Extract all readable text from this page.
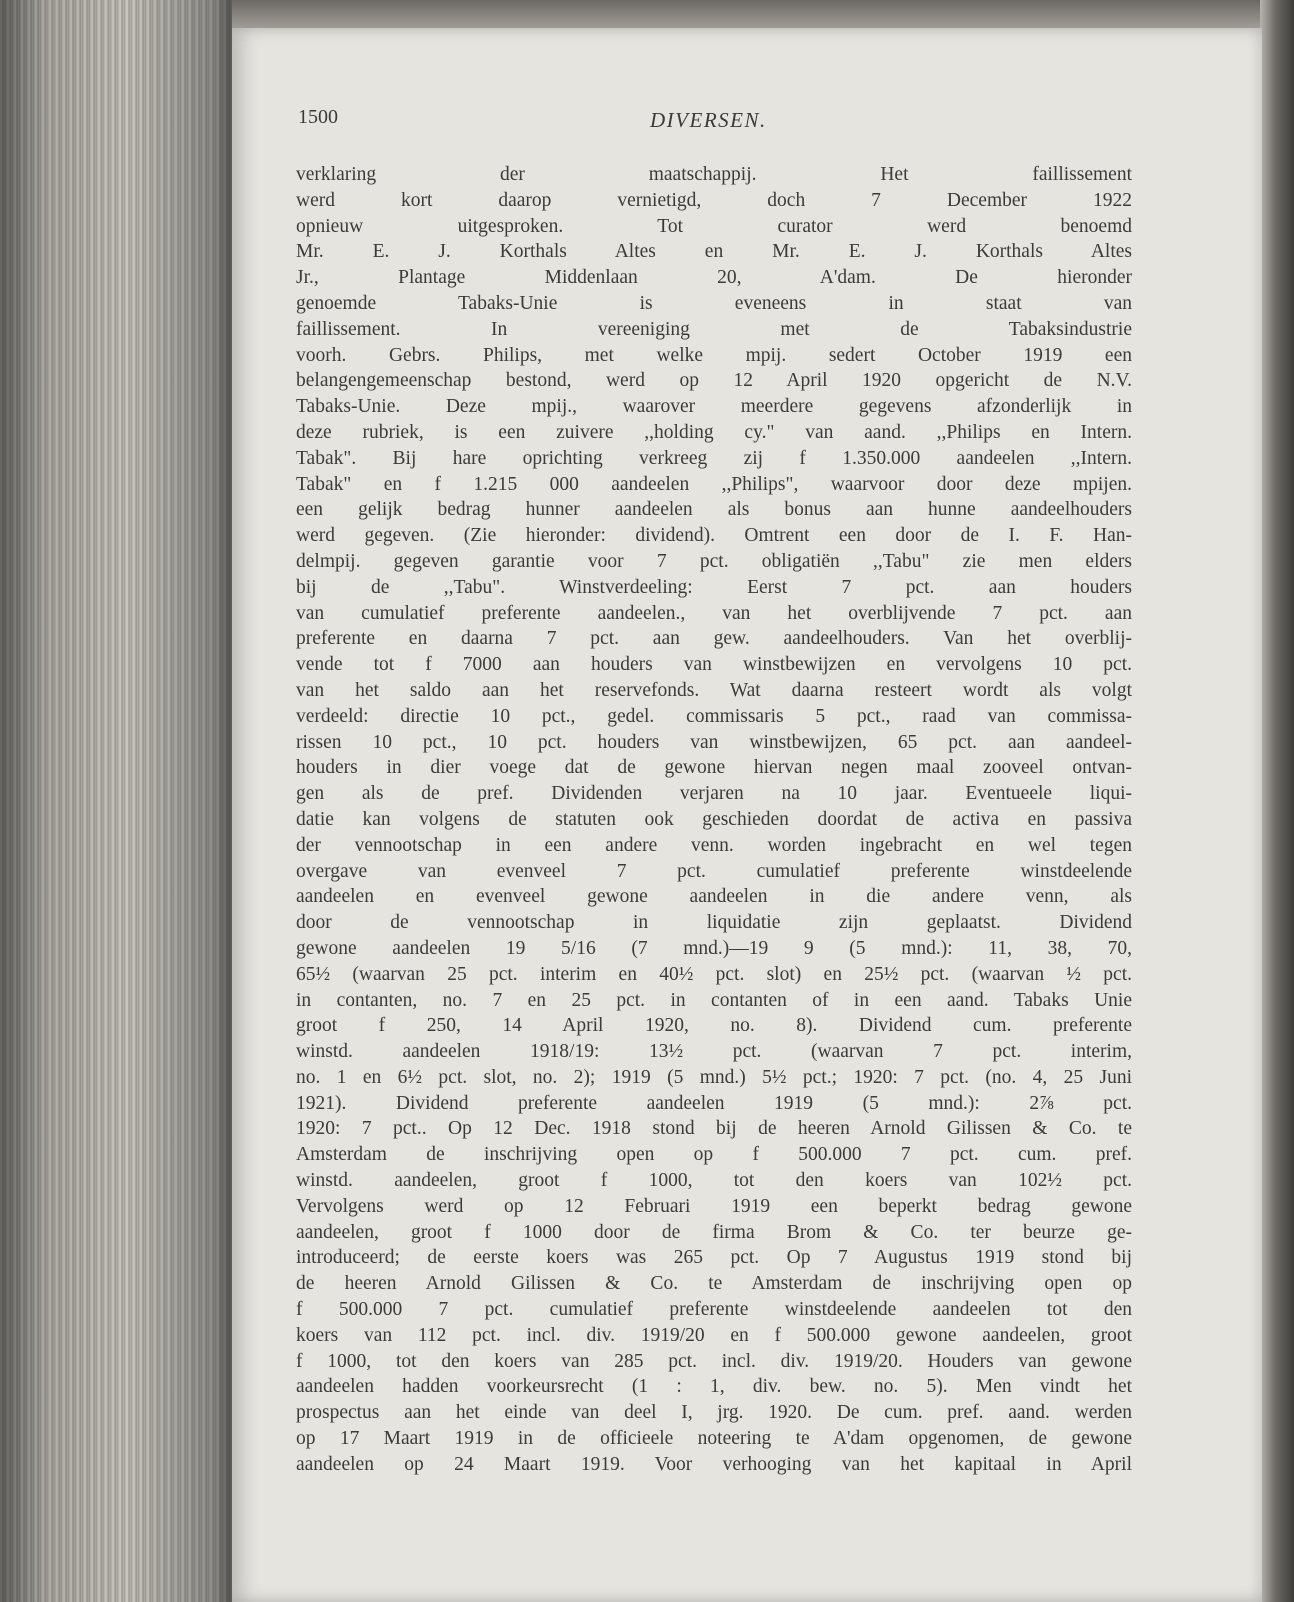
1500	DIVERSEN.
verklaring der maatschappij. Het faillissement
werd kort daarop vernietigd, doch 7 December 1922
opnieuw uitgesproken. Tot curator werd benoemd
Mr. E. J. Korthals Altes en Mr. E. J. Korthals Altes
Jr., Plantage Middenlaan 20, A'dam. De hieronder
genoemde Tabaks-Unie is eveneens in staat van
faillissement. In vereeniging met de Tabaksindustrie
voorh. Gebrs. Philips, met welke mpij. sedert October 1919 een
belangengemeenschap bestond, werd op 12 April 1920 opgericht de N.V.
Tabaks-Unie. Deze mpij., waarover meerdere gegevens afzonderlijk in
deze rubriek, is een zuivere ,,holding cy." van aand. ,,Philips en Intern.
Tabak". Bij hare oprichting verkreeg zij f 1.350.000 aandeelen ,,Intern.
Tabak" en f 1.215 000 aandeelen ,,Philips", waarvoor door deze mpijen.
een gelijk bedrag hunner aandeelen als bonus aan hunne aandeelhouders
werd gegeven. (Zie hieronder: dividend). Omtrent een door de I. F. Han-
delmpij. gegeven garantie voor 7 pct. obligatiën ,,Tabu" zie men elders
bij de ,,Tabu". Winstverdeeling: Eerst 7 pct. aan houders
van cumulatief preferente aandeelen., van het overblijvende 7 pct. aan
preferente en daarna 7 pct. aan gew. aandeelhouders. Van het overblij-
vende tot f 7000 aan houders van winstbewijzen en vervolgens 10 pct.
van het saldo aan het reservefonds. Wat daarna resteert wordt als volgt
verdeeld: directie 10 pct., gedel. commissaris 5 pct., raad van commissa-
rissen 10 pct., 10 pct. houders van winstbewijzen, 65 pct. aan aandeel-
houders in dier voege dat de gewone hiervan negen maal zooveel ontvan-
gen als de pref. Dividenden verjaren na 10 jaar. Eventueele liqui-
datie kan volgens de statuten ook geschieden doordat de activa en passiva
der vennootschap in een andere venn. worden ingebracht en wel tegen
overgave van evenveel 7 pct. cumulatief preferente winstdeelende
aandeelen en evenveel gewone aandeelen in die andere venn, als
door de vennootschap in liquidatie zijn geplaatst. Dividend
gewone aandeelen 19 5/16 (7 mnd.)—19 9 (5 mnd.): 11, 38, 70,
65½ (waarvan 25 pct. interim en 40½ pct. slot) en 25½ pct. (waarvan ½ pct.
in contanten, no. 7 en 25 pct. in contanten of in een aand. Tabaks Unie
groot f 250, 14 April 1920, no. 8). Dividend cum. preferente
winstd. aandeelen 1918/19: 13½ pct. (waarvan 7 pct. interim,
no. 1 en 6½ pct. slot, no. 2); 1919 (5 mnd.) 5½ pct.; 1920: 7 pct. (no. 4, 25 Juni
1921). Dividend preferente aandeelen 1919 (5 mnd.): 2⅞ pct.
1920: 7 pct.. Op 12 Dec. 1918 stond bij de heeren Arnold Gilissen & Co. te
Amsterdam de inschrijving open op f 500.000 7 pct. cum. pref.
winstd. aandeelen, groot f 1000, tot den koers van 102½ pct.
Vervolgens werd op 12 Februari 1919 een beperkt bedrag gewone
aandeelen, groot f 1000 door de firma Brom & Co. ter beurze ge-
introduceerd; de eerste koers was 265 pct. Op 7 Augustus 1919 stond bij
de heeren Arnold Gilissen & Co. te Amsterdam de inschrijving open op
f 500.000 7 pct. cumulatief preferente winstdeelende aandeelen tot den
koers van 112 pct. incl. div. 1919/20 en f 500.000 gewone aandeelen, groot
f 1000, tot den koers van 285 pct. incl. div. 1919/20. Houders van gewone
aandeelen hadden voorkeursrecht (1 : 1, div. bew. no. 5). Men vindt het
prospectus aan het einde van deel I, jrg. 1920. De cum. pref. aand. werden
op 17 Maart 1919 in de officieele noteering te A'dam opgenomen, de gewone
aandeelen op 24 Maart 1919. Voor verhooging van het kapitaal in April
